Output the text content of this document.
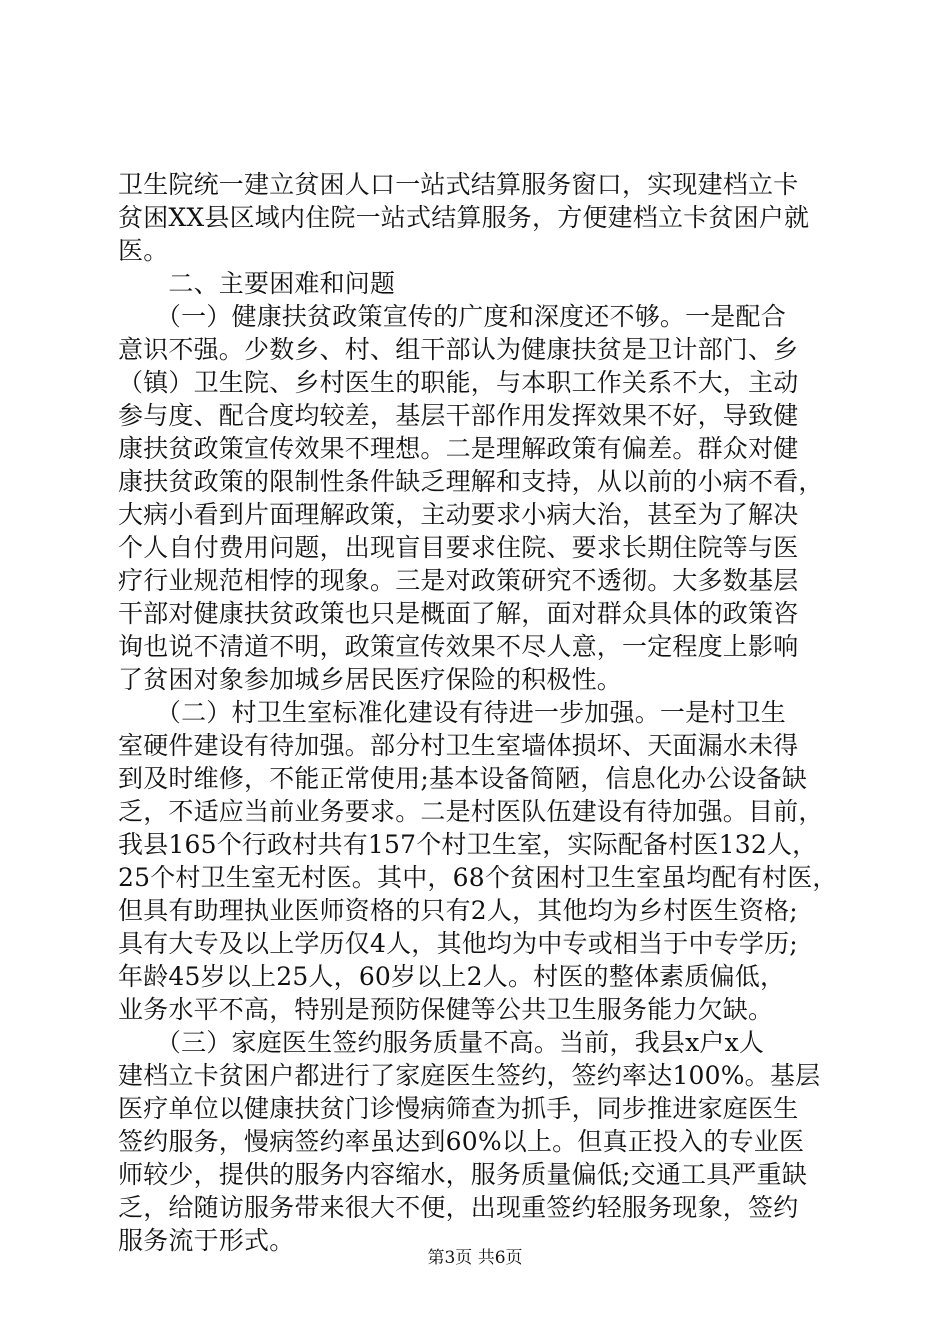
卫生院统一建立贫困人口一站式结算服务窗口，实现建档立卡
贫困XX县区域内住院一站式结算服务，方便建档立卡贫困户就
医。
　　二、主要困难和问题
　　（一）健康扶贫政策宣传的广度和深度还不够。一是配合
意识不强。少数乡、村、组干部认为健康扶贫是卫计部门、乡
（镇）卫生院、乡村医生的职能，与本职工作关系不大，主动
参与度、配合度均较差，基层干部作用发挥效果不好，导致健
康扶贫政策宣传效果不理想。二是理解政策有偏差。群众对健
康扶贫政策的限制性条件缺乏理解和支持，从以前的小病不看，
大病小看到片面理解政策，主动要求小病大治，甚至为了解决
个人自付费用问题，出现盲目要求住院、要求长期住院等与医
疗行业规范相悖的现象。三是对政策研究不透彻。大多数基层
干部对健康扶贫政策也只是概面了解，面对群众具体的政策咨
询也说不清道不明，政策宣传效果不尽人意，一定程度上影响
了贫困对象参加城乡居民医疗保险的积极性。
　　（二）村卫生室标准化建设有待进一步加强。一是村卫生
室硬件建设有待加强。部分村卫生室墙体损坏、天面漏水未得
到及时维修，不能正常使用;基本设备简陋，信息化办公设备缺
乏，不适应当前业务要求。二是村医队伍建设有待加强。目前，
我县165个行政村共有157个村卫生室，实际配备村医132人，
25个村卫生室无村医。其中，68个贫困村卫生室虽均配有村医，
但具有助理执业医师资格的只有2人，其他均为乡村医生资格;
具有大专及以上学历仅4人，其他均为中专或相当于中专学历;
年龄45岁以上25人，60岁以上2人。村医的整体素质偏低，
业务水平不高，特别是预防保健等公共卫生服务能力欠缺。
　　（三）家庭医生签约服务质量不高。当前，我县x户x人
建档立卡贫困户都进行了家庭医生签约，签约率达100%。基层
医疗单位以健康扶贫门诊慢病筛查为抓手，同步推进家庭医生
签约服务，慢病签约率虽达到60%以上。但真正投入的专业医
师较少，提供的服务内容缩水，服务质量偏低;交通工具严重缺
乏，给随访服务带来很大不便，出现重签约轻服务现象，签约
服务流于形式。
第3页 共6页
